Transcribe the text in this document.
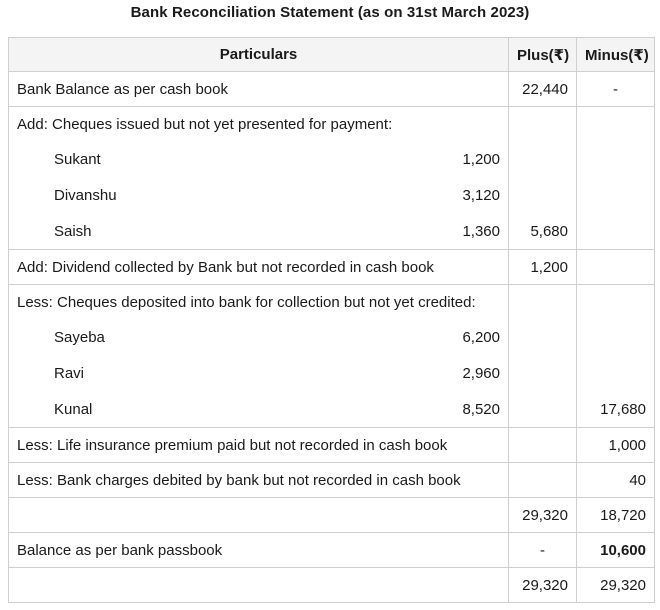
Bank Reconciliation Statement (as on 31st March 2023)
Particulars	Plus(₹)	Minus(₹)
Bank Balance as per cash book	22,440	-
Add: Cheques issued but not yet presented for payment:		

Sukant 1,200		

Divanshu 3,120		

Saish 1,360	5,680	
Add: Dividend collected by Bank but not recorded in cash book	1,200	
Less: Cheques deposited into bank for collection but not yet credited:		

Sayeba 6,200		

Ravi 2,960		

Kunal 8,520		17,680
Less: Life insurance premium paid but not recorded in cash book		1,000
Less: Bank charges debited by bank but not recorded in cash book		40
	29,320	18,720
Balance as per bank passbook	-	10,600
	29,320	29,320
